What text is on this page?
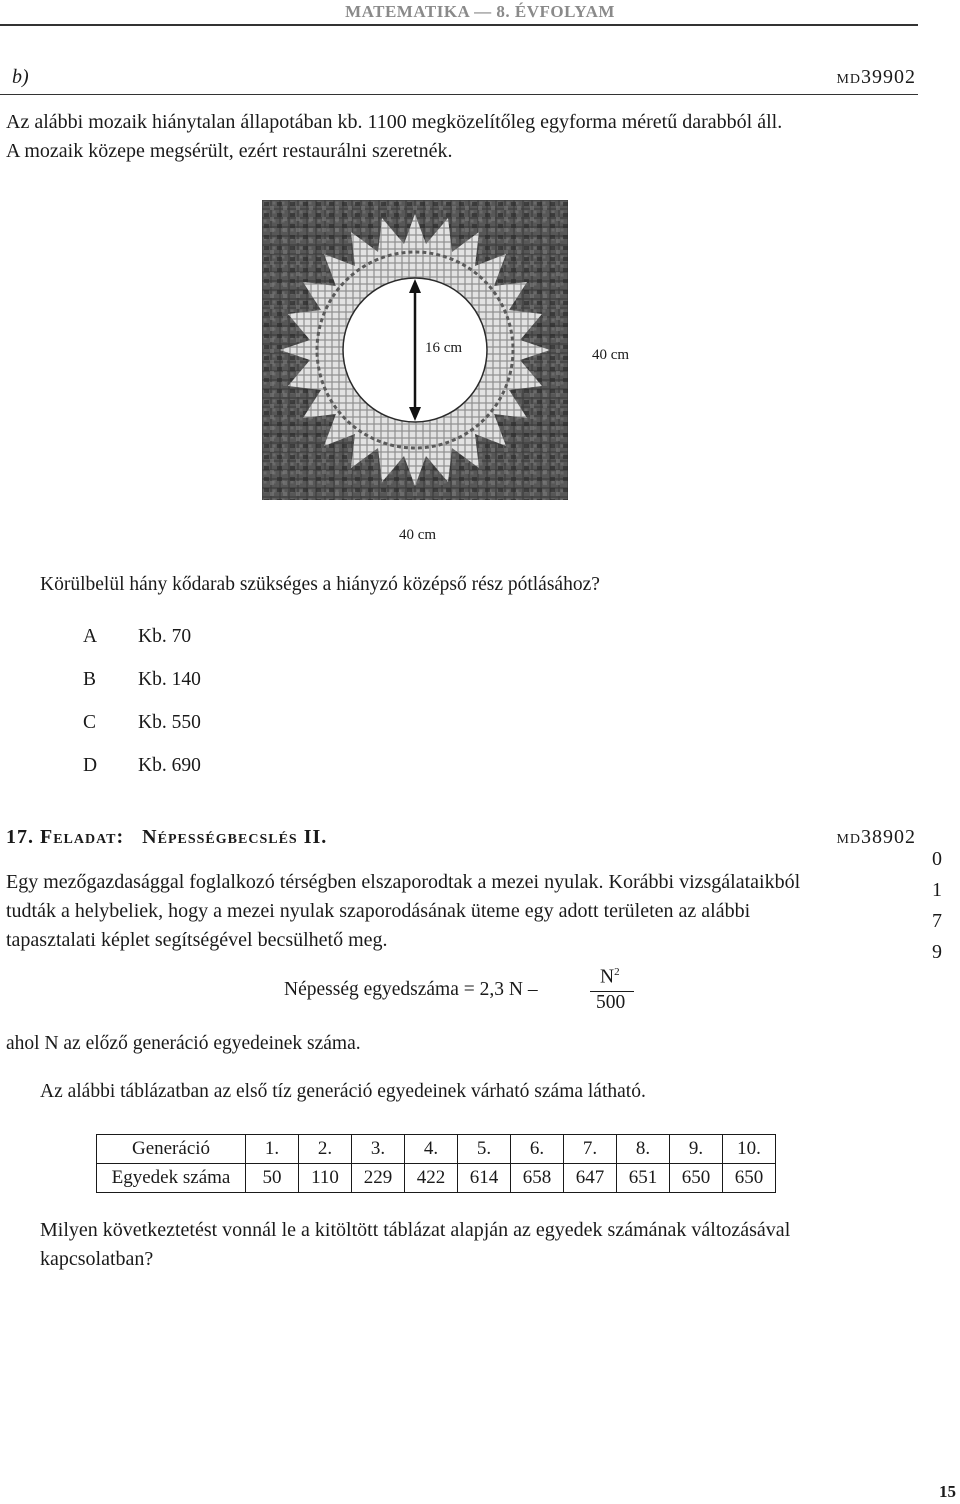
MATEMATIKA — 8. ÉVFOLYAM
b)	md39902
Az alábbi mozaik hiánytalan állapotában kb. 1100 megközelítőleg egyforma méretű darabból áll.
A mozaik közepe megsérült, ezért restaurálni szeretnék.
16 cm	40 cm
40 cm
Körülbelül hány kődarab szükséges a hiányzó középső rész pótlásához?
A	Kb. 70
B	Kb. 140
C	Kb. 550
D	Kb. 690
17. Feladat:   Népességbecslés II.	md38902
Egy mezőgazdasággal foglalkozó térségben elszaporodtak a mezei nyulak. Korábbi vizsgálataikból
tudták a helybeliek, hogy a mezei nyulak szaporodásának üteme egy adott területen az alábbi
tapasztalati képlet segítségével becsülhető meg.
0
1
7
9
Népesség egyedszáma = 2,3 N –
$N^2$
500
ahol N az előző generáció egyedeinek száma.
Az alábbi táblázatban az első tíz generáció egyedeinek várható száma látható.
Generáció	1.	2.	3.	4.	5.	6.	7.	8.	9.	10.
Egyedek száma	50	110	229	422	614	658	647	651	650	650
Milyen következtetést vonnál le a kitöltött táblázat alapján az egyedek számának változásával
kapcsolatban?
15
